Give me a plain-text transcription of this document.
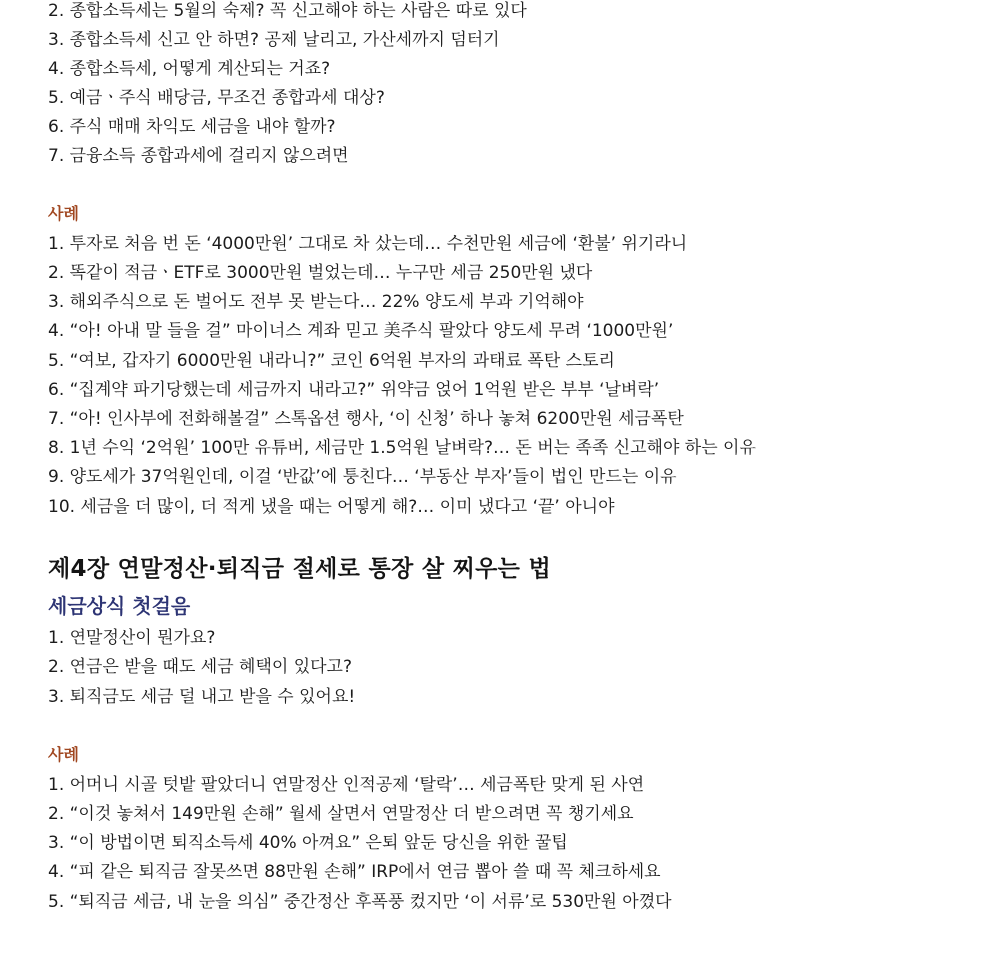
2. 종합소득세는 5월의 숙제? 꼭 신고해야 하는 사람은 따로 있다
3. 종합소득세 신고 안 하면? 공제 날리고, 가산세까지 덤터기
4. 종합소득세, 어떻게 계산되는 거죠?
5. 예금ㆍ주식 배당금, 무조건 종합과세 대상?
6. 주식 매매 차익도 세금을 내야 할까?
7. 금융소득 종합과세에 걸리지 않으려면
사례
1. 투자로 처음 번 돈 ‘4000만원’ 그대로 차 샀는데… 수천만원 세금에 ‘환불’ 위기라니
2. 똑같이 적금ㆍETF로 3000만원 벌었는데… 누구만 세금 250만원 냈다
3. 해외주식으로 돈 벌어도 전부 못 받는다… 22% 양도세 부과 기억해야
4. “아! 아내 말 들을 걸” 마이너스 계좌 믿고 美주식 팔았다 양도세 무려 ‘1000만원’
5. “여보, 갑자기 6000만원 내라니?” 코인 6억원 부자의 과태료 폭탄 스토리
6. “집계약 파기당했는데 세금까지 내라고?” 위약금 얹어 1억원 받은 부부 ‘날벼락’
7. “아! 인사부에 전화해볼걸” 스톡옵션 행사, ‘이 신청’ 하나 놓쳐 6200만원 세금폭탄
8. 1년 수익 ‘2억원’ 100만 유튜버, 세금만 1.5억원 날벼락?… 돈 버는 족족 신고해야 하는 이유
9. 양도세가 37억원인데, 이걸 ‘반값’에 퉁친다… ‘부동산 부자’들이 법인 만드는 이유
10. 세금을 더 많이, 더 적게 냈을 때는 어떻게 해?… 이미 냈다고 ‘끝’ 아니야
제4장 연말정산·퇴직금 절세로 통장 살 찌우는 법
세금상식 첫걸음
1. 연말정산이 뭔가요?
2. 연금은 받을 때도 세금 혜택이 있다고?
3. 퇴직금도 세금 덜 내고 받을 수 있어요!
사례
1. 어머니 시골 텃밭 팔았더니 연말정산 인적공제 ‘탈락’… 세금폭탄 맞게 된 사연
2. “이것 놓쳐서 149만원 손해” 월세 살면서 연말정산 더 받으려면 꼭 챙기세요
3. “이 방법이면 퇴직소득세 40% 아껴요” 은퇴 앞둔 당신을 위한 꿀팁
4. “피 같은 퇴직금 잘못쓰면 88만원 손해” IRP에서 연금 뽑아 쓸 때 꼭 체크하세요
5. “퇴직금 세금, 내 눈을 의심” 중간정산 후폭풍 컸지만 ‘이 서류’로 530만원 아꼈다
